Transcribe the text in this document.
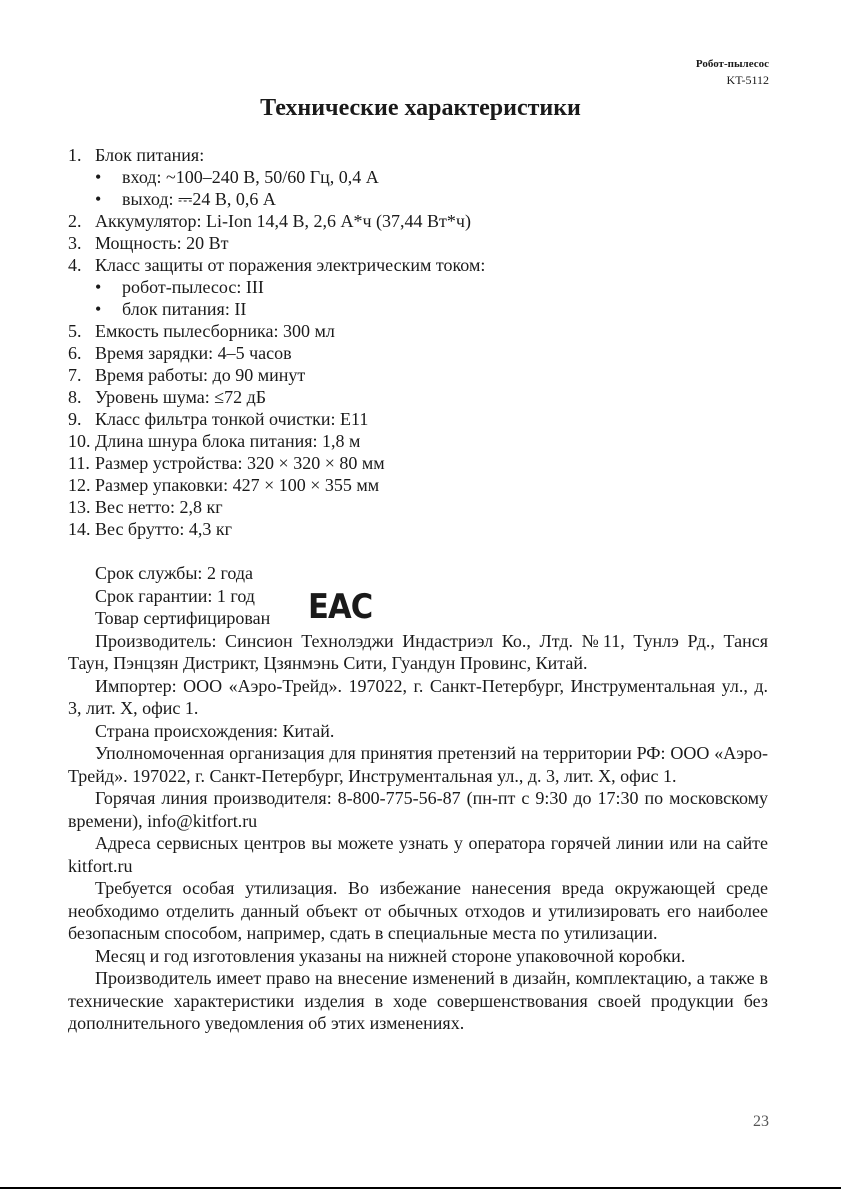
Робот-пылесос
KT-5112
Технические характеристики
1. Блок питания:
• вход: ~100–240 В, 50/60 Гц, 0,4 А
• выход: ⎓24 В, 0,6 А
2. Аккумулятор: Li-Ion 14,4 В, 2,6 А*ч (37,44 Вт*ч)
3. Мощность: 20 Вт
4. Класс защиты от поражения электрическим током:
• робот-пылесос: III
• блок питания: II
5. Емкость пылесборника: 300 мл
6. Время зарядки: 4–5 часов
7. Время работы: до 90 минут
8. Уровень шума: ≤72 дБ
9. Класс фильтра тонкой очистки: E11
10. Длина шнура блока питания: 1,8 м
11. Размер устройства: 320 × 320 × 80 мм
12. Размер упаковки: 427 × 100 × 355 мм
13. Вес нетто: 2,8 кг
14. Вес брутто: 4,3 кг
Срок службы: 2 года
Срок гарантии: 1 год
Товар сертифицирован EAC

Производитель: Синсион Технолэджи Индастриэл Ко., Лтд. №11, Тунлэ Рд., Танся Таун, Пэнцзян Дистрикт, Цзянмэнь Сити, Гуандун Провинс, Китай.

Импортер: ООО «Аэро-Трейд». 197022, г. Санкт-Петербург, Инструментальная ул., д. 3, лит. Х, офис 1.

Страна происхождения: Китай.

Уполномоченная организация для принятия претензий на территории РФ: ООО «Аэро-Трейд». 197022, г. Санкт-Петербург, Инструментальная ул., д. 3, лит. Х, офис 1.

Горячая линия производителя: 8-800-775-56-87 (пн-пт с 9:30 до 17:30 по московскому времени), info@kitfort.ru

Адреса сервисных центров вы можете узнать у оператора горячей линии или на сайте kitfort.ru

Требуется особая утилизация. Во избежание нанесения вреда окружающей среде необходимо отделить данный объект от обычных отходов и утилизировать его наиболее безопасным способом, например, сдать в специальные места по утилизации.

Месяц и год изготовления указаны на нижней стороне упаковочной коробки.

Производитель имеет право на внесение изменений в дизайн, комплектацию, а также в технические характеристики изделия в ходе совершенствования своей продукции без дополнительного уведомления об этих изменениях.

23
